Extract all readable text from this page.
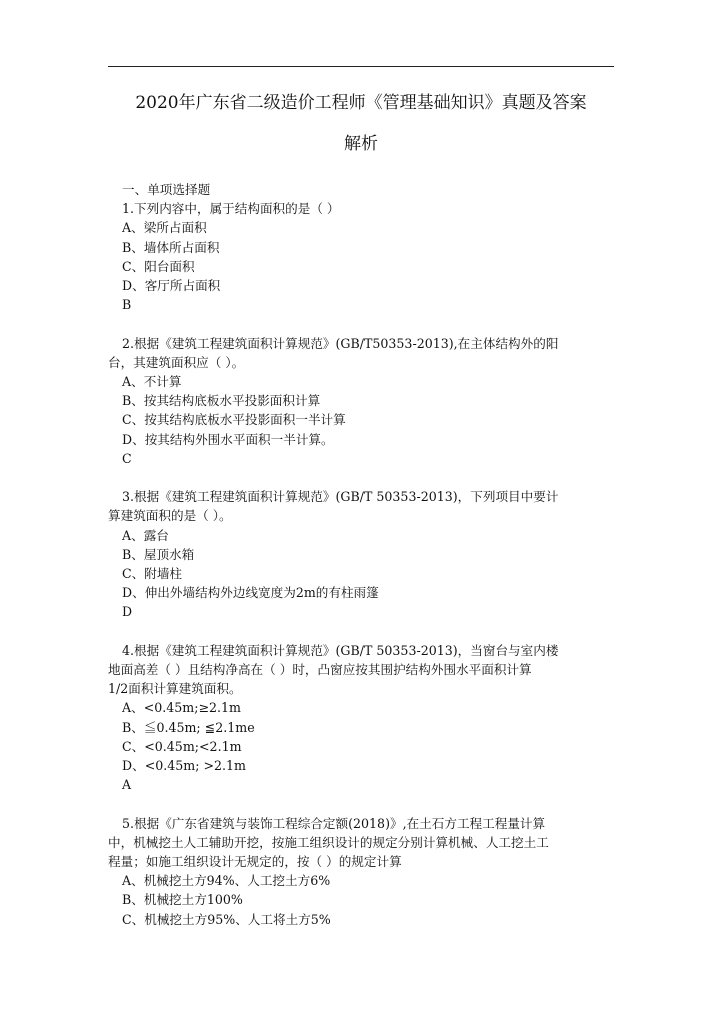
2020年广东省二级造价工程师《管理基础知识》真题及答案
解析
一、单项选择题
1.下列内容中，属于结构面积的是（ ）
A、梁所占面积
B、墙体所占面积
C、阳台面积
D、客厅所占面积
B
2.根据《建筑工程建筑面积计算规范》(GB/T50353-2013),在主体结构外的阳
台，其建筑面积应（ ）。
A、不计算
B、按其结构底板水平投影面积计算
C、按其结构底板水平投影面积一半计算
D、按其结构外围水平面积一半计算。
C
3.根据《建筑工程建筑面积计算规范》(GB/T 50353-2013)，下列项目中要计
算建筑面积的是（ ）。
A、露台
B、屋顶水箱
C、附墙柱
D、伸出外墙结构外边线宽度为2m的有柱雨篷
D
4.根据《建筑工程建筑面积计算规范》(GB/T 50353-2013)，当窗台与室内楼
地面高差（ ）且结构净高在（ ）时，凸窗应按其围护结构外围水平面积计算
1/2面积计算建筑面积。
A、<0.45m;≥2.1m
B、≦0.45m; ≦2.1me
C、<0.45m;<2.1m
D、<0.45m; >2.1m
A
5.根据《广东省建筑与装饰工程综合定额(2018)》,在土石方工程工程量计算
中，机械挖土人工辅助开挖，按施工组织设计的规定分别计算机械、人工挖土工
程量；如施工组织设计无规定的，按（ ）的规定计算
A、机械挖土方94%、人工挖土方6%
B、机械挖土方100%
C、机械挖土方95%、人工将土方5%
